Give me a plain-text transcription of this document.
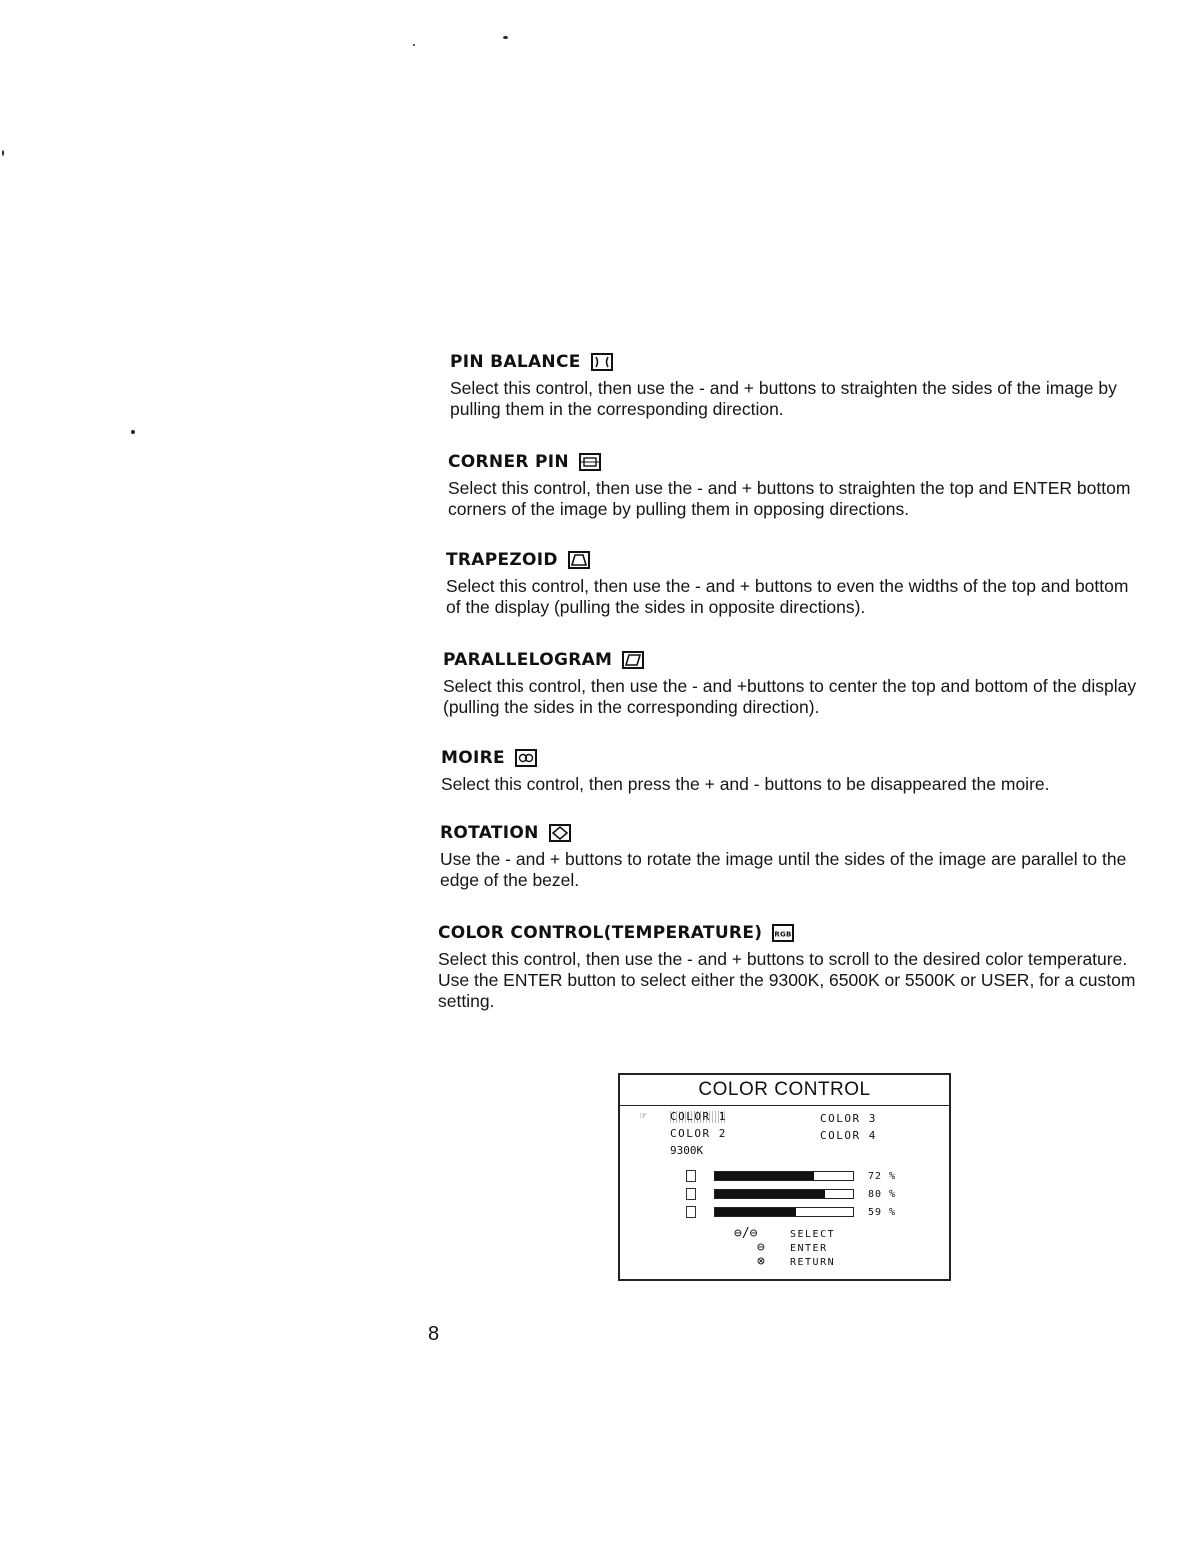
PIN BALANCE
Select this control, then use the - and + buttons to straighten the sides of the image by pulling them in the corresponding direction.
CORNER PIN
Select this control, then use the - and + buttons to straighten the top and ENTER bottom corners of the image by pulling them in opposing directions.
TRAPEZOID
Select this control, then use the - and + buttons to even the widths of the top and bottom of the display (pulling the sides in opposite directions).
PARALLELOGRAM
Select this control, then use the - and +buttons to center the top and bottom of the display (pulling the sides in the corresponding direction).
MOIRE
Select this control, then press the + and - buttons to be disappeared the moire.
ROTATION
Use the - and + buttons to rotate the image until the sides of the image are parallel to the edge of the bezel.
COLOR CONTROL(TEMPERATURE) RGB
Select this control, then use the - and + buttons to scroll to the desired color temperature. Use the ENTER button to select either the 9300K, 6500K or 5500K or USER, for a custom setting.
COLOR CONTROL
☞ COLOR 1
COLOR 2
COLOR 3
COLOR 4
9300K
72 %
80 %
59 %
⊖/⊖	SELECT
⊖ ENTER
⊗ RETURN
8
